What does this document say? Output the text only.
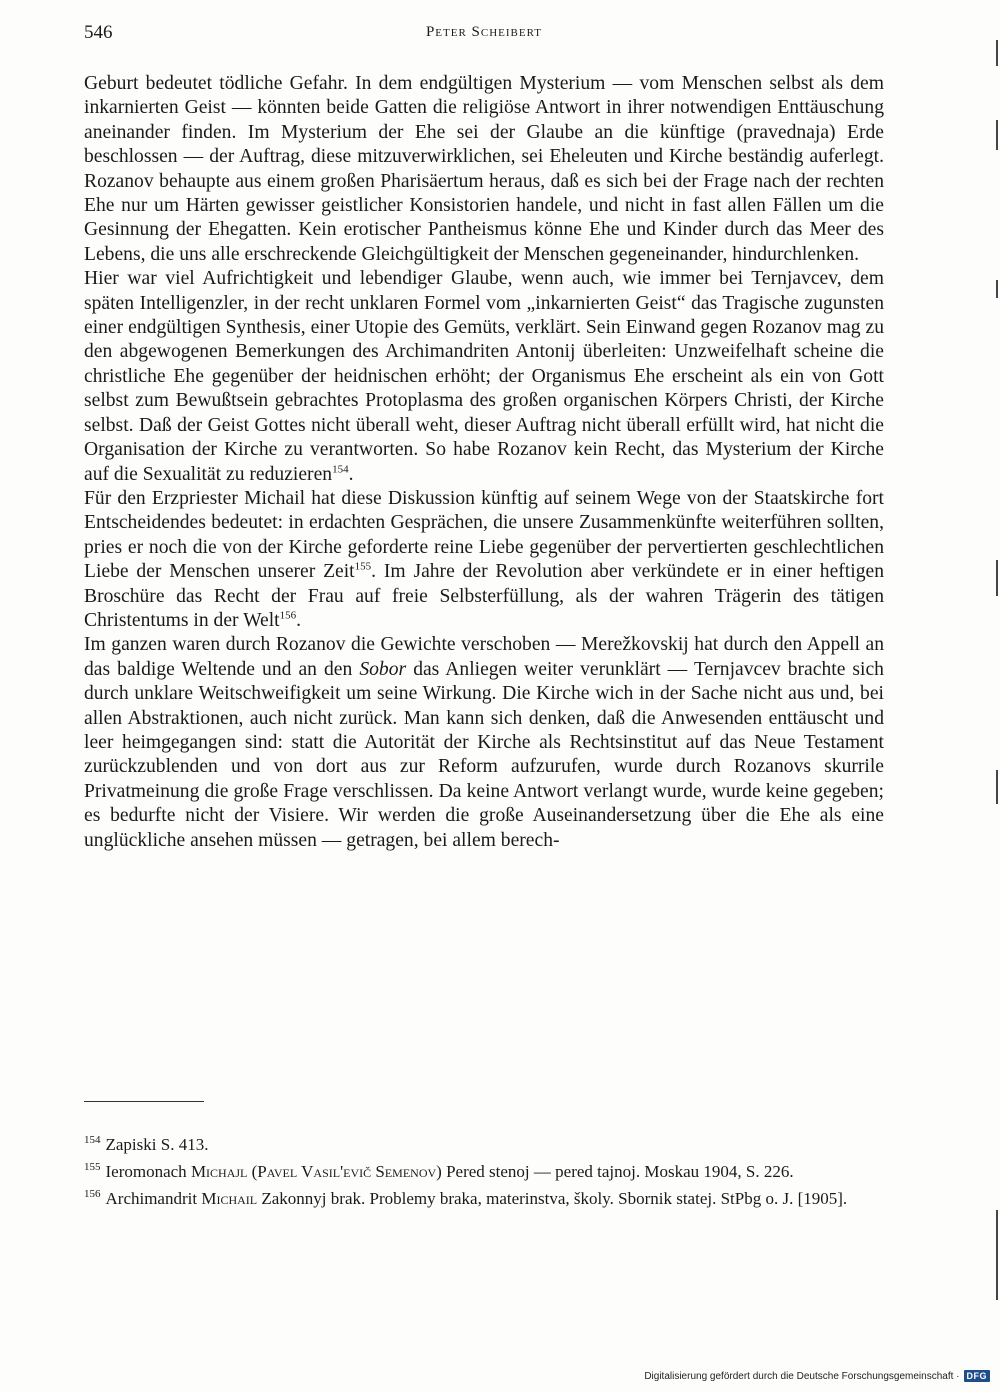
546	Peter Scheibert

Geburt bedeutet tödliche Gefahr. In dem endgültigen Mysterium — vom Menschen selbst als dem inkarnierten Geist — könnten beide Gatten die religiöse Antwort in ihrer notwendigen Enttäuschung aneinander finden. Im Mysterium der Ehe sei der Glaube an die künftige (pravednaja) Erde beschlossen — der Auftrag, diese mitzuverwirklichen, sei Eheleuten und Kirche beständig auferlegt. Rozanov behaupte aus einem großen Pharisäertum heraus, daß es sich bei der Frage nach der rechten Ehe nur um Härten gewisser geistlicher Konsistorien handele, und nicht in fast allen Fällen um die Gesinnung der Ehegatten. Kein erotischer Pantheismus könne Ehe und Kinder durch das Meer des Lebens, die uns alle erschreckende Gleichgültigkeit der Menschen gegeneinander, hindurchlenken.

Hier war viel Aufrichtigkeit und lebendiger Glaube, wenn auch, wie immer bei Ternjavcev, dem späten Intelligenzler, in der recht unklaren Formel vom „inkarnierten Geist“ das Tragische zugunsten einer endgültigen Synthesis, einer Utopie des Gemüts, verklärt. Sein Einwand gegen Rozanov mag zu den abgewogenen Bemerkungen des Archimandriten Antonij überleiten: Unzweifelhaft scheine die christliche Ehe gegenüber der heidnischen erhöht; der Organismus Ehe erscheint als ein von Gott selbst zum Bewußtsein gebrachtes Protoplasma des großen organischen Körpers Christi, der Kirche selbst. Daß der Geist Gottes nicht überall weht, dieser Auftrag nicht überall erfüllt wird, hat nicht die Organisation der Kirche zu verantworten. So habe Rozanov kein Recht, das Mysterium der Kirche auf die Sexualität zu reduzieren$^{154}$.

Für den Erzpriester Michail hat diese Diskussion künftig auf seinem Wege von der Staatskirche fort Entscheidendes bedeutet: in erdachten Gesprächen, die unsere Zusammenkünfte weiterführen sollten, pries er noch die von der Kirche geforderte reine Liebe gegenüber der pervertierten geschlechtlichen Liebe der Menschen unserer Zeit$^{155}$. Im Jahre der Revolution aber verkündete er in einer heftigen Broschüre das Recht der Frau auf freie Selbsterfüllung, als der wahren Trägerin des tätigen Christentums in der Welt$^{156}$.

Im ganzen waren durch Rozanov die Gewichte verschoben — Merežkovskij hat durch den Appell an das baldige Weltende und an den Sobor das Anliegen weiter verunklärt — Ternjavcev brachte sich durch unklare Weitschweifigkeit um seine Wirkung. Die Kirche wich in der Sache nicht aus und, bei allen Abstraktionen, auch nicht zurück. Man kann sich denken, daß die Anwesenden enttäuscht und leer heimgegangen sind: statt die Autorität der Kirche als Rechtsinstitut auf das Neue Testament zurückzublenden und von dort aus zur Reform aufzurufen, wurde durch Rozanovs skurrile Privatmeinung die große Frage verschlissen. Da keine Antwort verlangt wurde, wurde keine gegeben; es bedurfte nicht der Visiere. Wir werden die große Auseinandersetzung über die Ehe als eine unglückliche ansehen müssen — getragen, bei allem berech-

$^{154}$ Zapiski S. 413.

$^{155}$ Ieromonach Michajl (Pavel Vasil'evič Semenov) Pered stenoj — pered tajnoj. Moskau 1904, S. 226.

$^{156}$ Archimandrit Michail Zakonnyj brak. Problemy braka, materinstva, školy. Sbornik statej. StPbg o. J. [1905].

Digitalisierung gefördert durch die Deutsche Forschungsgemeinschaft · DFG
